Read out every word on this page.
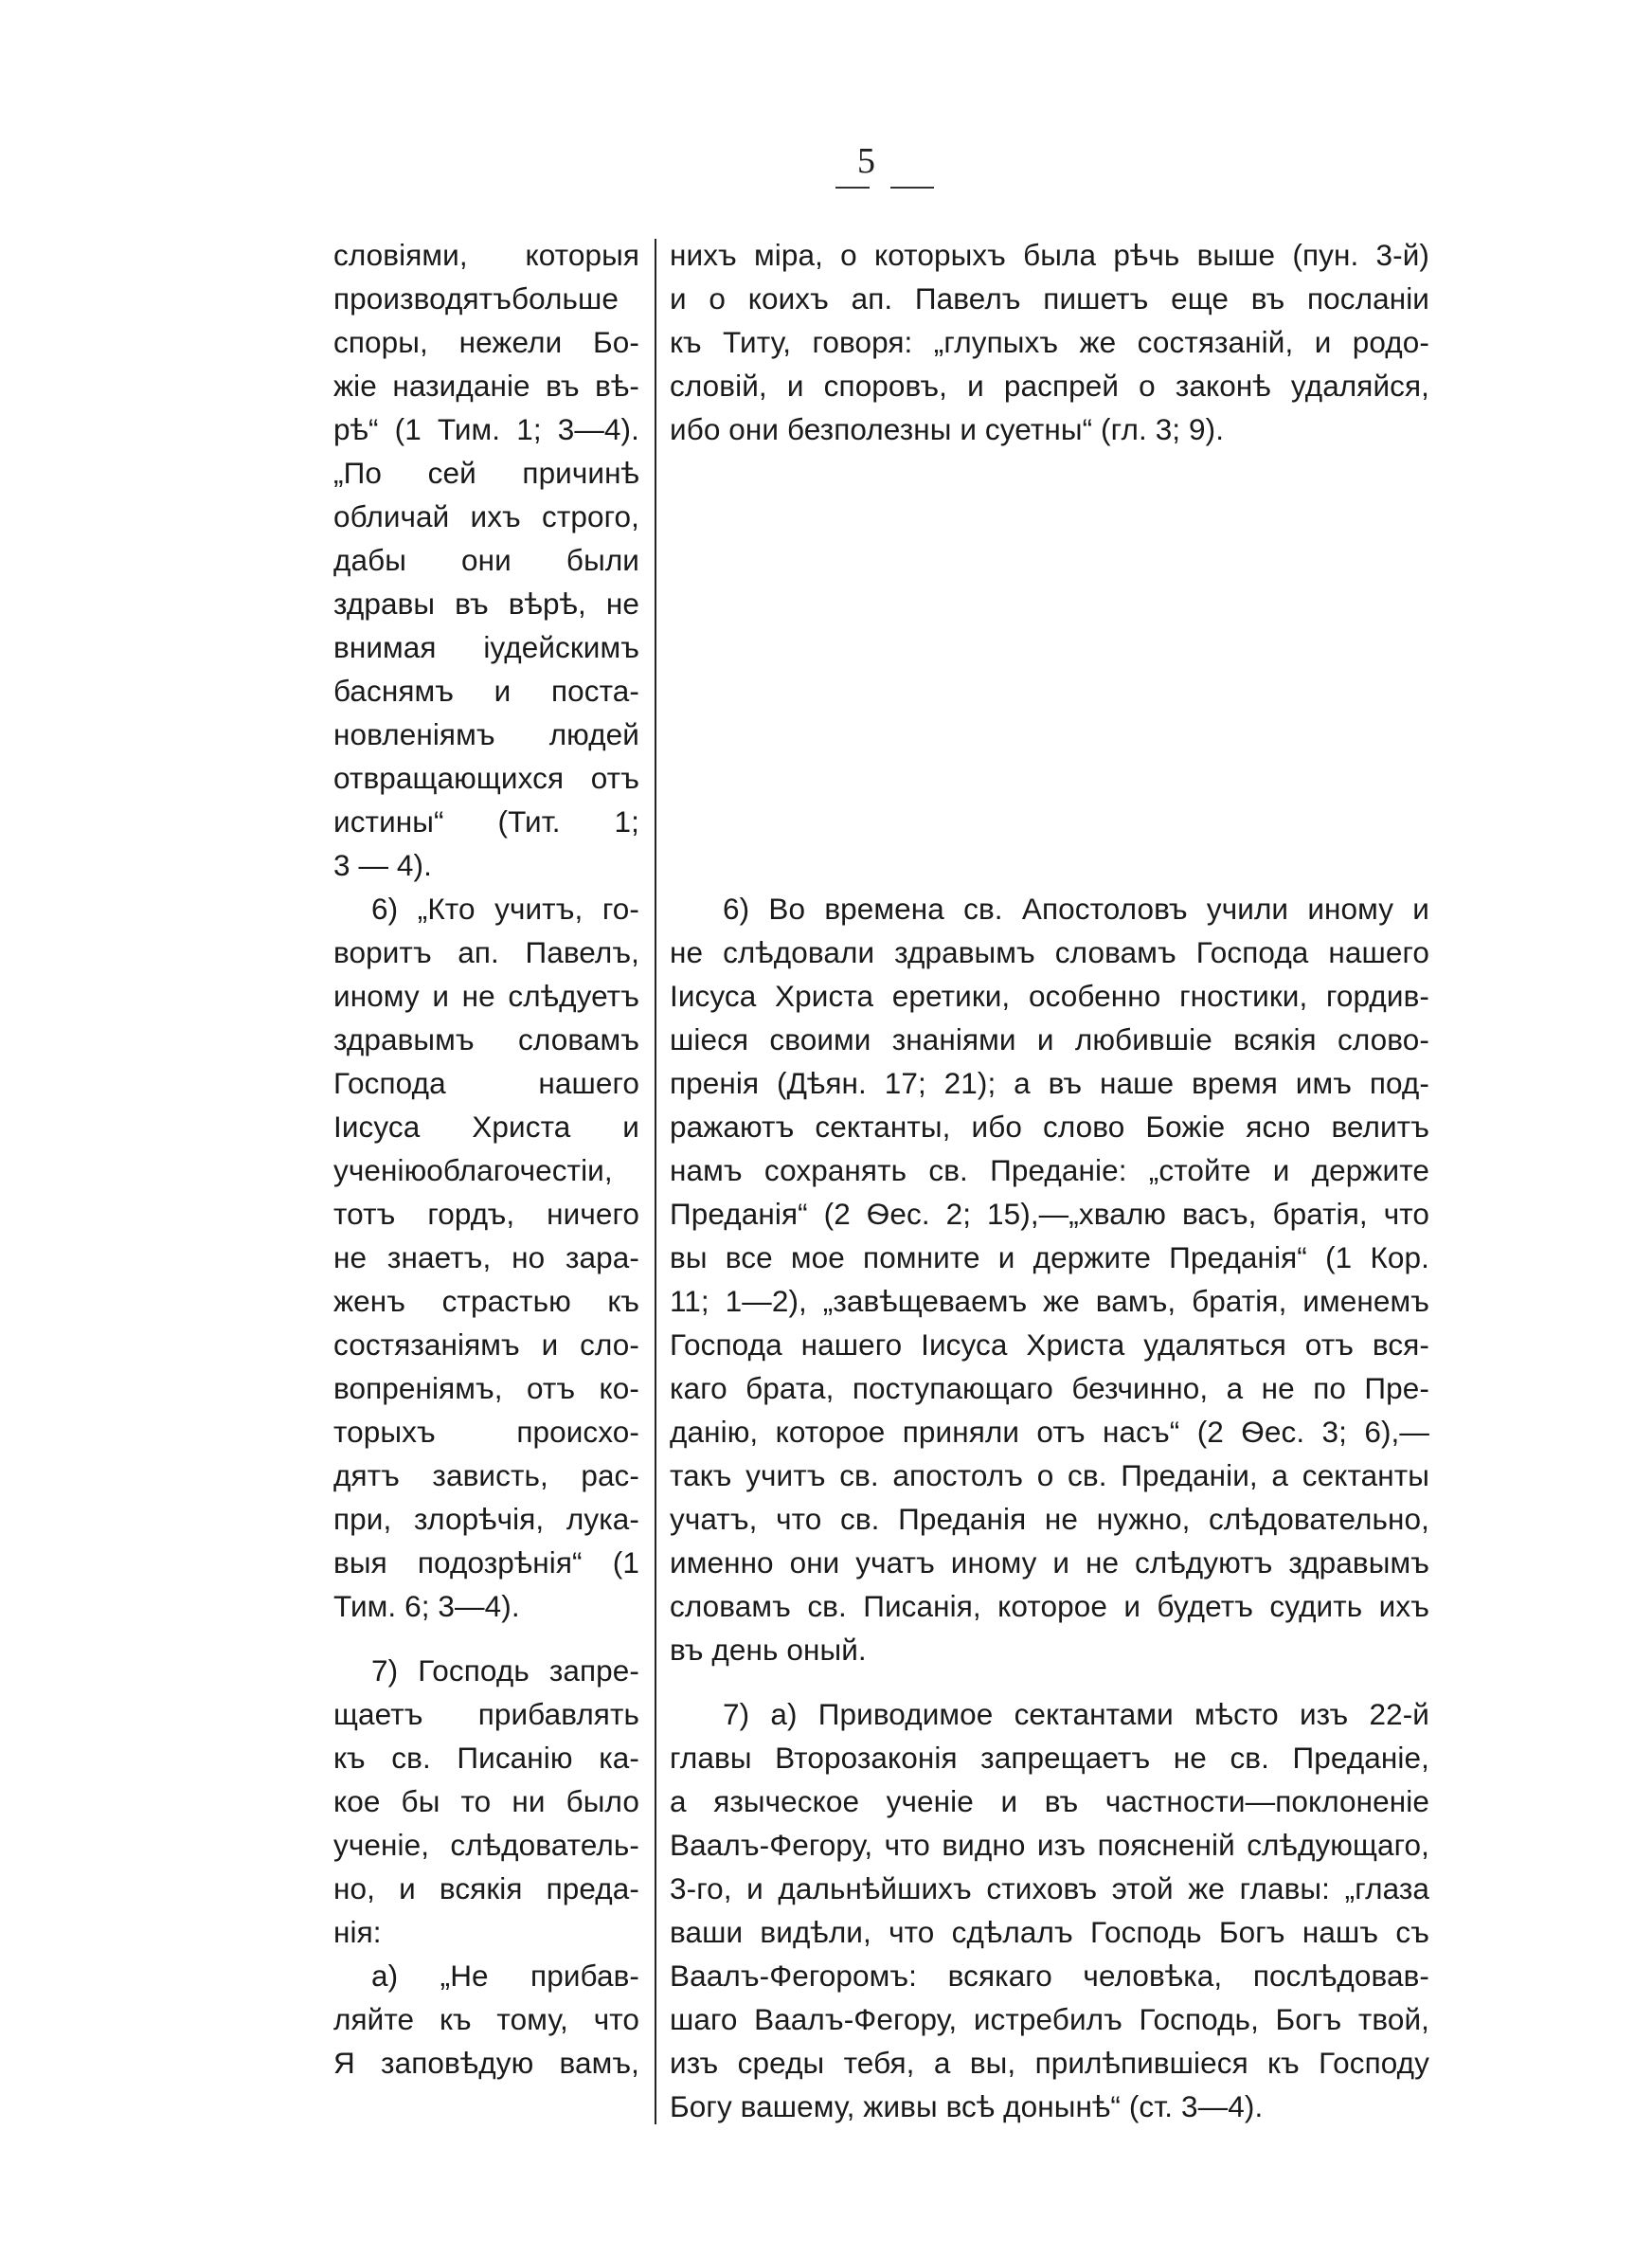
5
словіями, которыя
производятъбольше
споры, нежели Бо-
жіе назиданіе въ вѣ-
рѣ“ (1 Тим. 1; 3—4).
„По сей причинѣ
обличай ихъ строго,
дабы они были
здравы въ вѣрѣ, не
внимая іудейскимъ
баснямъ и поста-
новленіямъ людей
отвращающихся отъ
истины“ (Тит. 1;
3 — 4).
6) „Кто учитъ, го-
воритъ ап. Павелъ,
иному и не слѣдуетъ
здравымъ словамъ
Господа нашего
Іисуса Христа и
ученіюоблагочестіи,
тотъ гордъ, ничего
не знаетъ, но зара-
женъ страстью къ
состязаніямъ и сло-
вопреніямъ, отъ ко-
торыхъ происхо-
дятъ зависть, рас-
при, злорѣчія, лука-
выя подозрѣнія“ (1
Тим. 6; 3—4).
7) Господь запре-
щаетъ прибавлять
къ св. Писанію ка-
кое бы то ни было
ученіе, слѣдователь-
но, и всякія преда-
нія:
а) „Не прибав-
ляйте къ тому, что
Я заповѣдую вамъ,
нихъ міра, о которыхъ была рѣчь выше (пун. 3-й)
и о коихъ ап. Павелъ пишетъ еще въ посланіи
къ Титу, говоря: „глупыхъ же состязаній, и родо-
словій, и споровъ, и распрей о законѣ удаляйся,
ибо они безполезны и суетны“ (гл. 3; 9).
6) Во времена св. Апостоловъ учили иному и
не слѣдовали здравымъ словамъ Господа нашего
Іисуса Христа еретики, особенно гностики, гордив-
шіеся своими знаніями и любившіе всякія слово-
пренія (Дѣян. 17; 21); а въ наше время имъ под-
ражаютъ сектанты, ибо слово Божіе ясно велитъ
намъ сохранять св. Преданіе: „стойте и держите
Преданія“ (2 Ѳес. 2; 15),—„хвалю васъ, братія, что
вы все мое помните и держите Преданія“ (1 Кор.
11; 1—2), „завѣщеваемъ же вамъ, братія, именемъ
Господа нашего Іисуса Христа удаляться отъ вся-
каго брата, поступающаго безчинно, а не по Пре-
данію, которое приняли отъ насъ“ (2 Ѳес. 3; 6),—
такъ учитъ св. апостолъ о св. Преданіи, а сектанты
учатъ, что св. Преданія не нужно, слѣдовательно,
именно они учатъ иному и не слѣдуютъ здравымъ
словамъ св. Писанія, которое и будетъ судить ихъ
въ день оный.
7) а) Приводимое сектантами мѣсто изъ 22-й
главы Второзаконія запрещаетъ не св. Преданіе,
а языческое ученіе и въ частности—поклоненіе
Ваалъ-Фегору, что видно изъ поясненій слѣдующаго,
3-го, и дальнѣйшихъ стиховъ этой же главы: „глаза
ваши видѣли, что сдѣлалъ Господь Богъ нашъ съ
Ваалъ-Фегоромъ: всякаго человѣка, послѣдовав-
шаго Ваалъ-Фегору, истребилъ Господь, Богъ твой,
изъ среды тебя, а вы, прилѣпившіеся къ Господу
Богу вашему, живы всѣ донынѣ“ (ст. 3—4).
